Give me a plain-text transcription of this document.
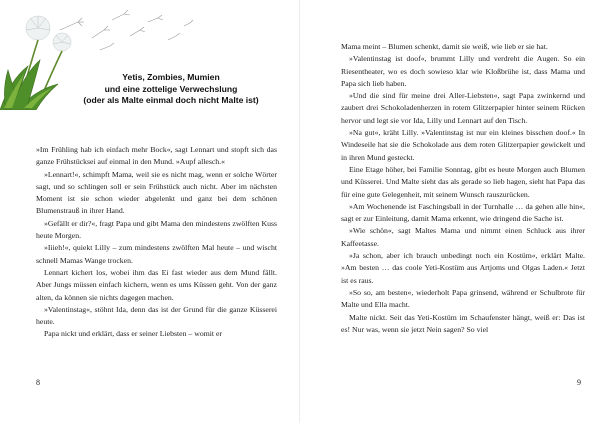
Yetis, Zombies, Mumien
und eine zottelige Verwechslung
(oder als Malte einmal doch nicht Malte ist)

»Im Frühling hab ich einfach mehr Bock«, sagt Lennart und stopft sich das ganze Frühstücksei auf einmal in den Mund. »Aupf allesch.«

»Lennart!«, schimpft Mama, weil sie es nicht mag, wenn er solche Wörter sagt, und so schlingen soll er sein Frühstück auch nicht. Aber im nächsten Moment ist sie schon wieder abgelenkt und ganz bei dem schönen Blumenstrauß in ihrer Hand.

»Gefällt er dir?«, fragt Papa und gibt Mama den mindestens zwölften Kuss heute Morgen.

»Iiieh!«, quiekt Lilly – zum mindestens zwölften Mal heute – und wischt schnell Mamas Wange trocken.

Lennart kichert los, wobei ihm das Ei fast wieder aus dem Mund fällt. Aber Jungs müssen einfach kichern, wenn es ums Küssen geht. Von der ganz alten, da können sie nichts dagegen machen.

»Valentinstag«, stöhnt Ida, denn das ist der Grund für die ganze Küsserei heute.

Papa nickt und erklärt, dass er seiner Liebsten – womit er

8

Mama meint – Blumen schenkt, damit sie weiß, wie lieb er sie hat.

»Valentinstag ist doof«, brummt Lilly und verdreht die Augen. So ein Riesentheater, wo es doch sowieso klar wie Kloßbrühe ist, dass Mama und Papa sich lieb haben.

»Und die sind für meine drei Aller-Liebsten«, sagt Papa zwinkernd und zaubert drei Schokoladenherzen in rotem Glitzerpapier hinter seinem Rücken hervor und legt sie vor Ida, Lilly und Lennart auf den Tisch.

»Na gut«, kräht Lilly. »Valentinstag ist nur ein kleines bisschen doof.« In Windeseile hat sie die Schokolade aus dem roten Glitzerpapier gewickelt und in ihren Mund gesteckt.

Eine Etage höher, bei Familie Sonntag, gibt es heute Morgen auch Blumen und Küsserei. Und Malte sieht das als gerade so lieb hagen, sieht hat Papa das für eine gute Gelegenheit, mit seinem Wunsch rauszurücken.

»Am Wochenende ist Faschingsball in der Turnhalle … da gehen alle hin«, sagt er zur Einleitung, damit Mama erkennt, wie dringend die Sache ist.

»Wie schön«, sagt Maltes Mama und nimmt einen Schluck aus ihrer Kaffeetasse.

»Ja schon, aber ich brauch unbedingt noch ein Kostüm«, erklärt Malte. »Am besten … das coole Yeti-Kostüm aus Artjoms und Olgas Laden.« Jetzt ist es raus.

»So so, am besten«, wiederholt Papa grinsend, während er Schulbrote für Malte und Ella macht.

Malte nickt. Seit das Yeti-Kostüm im Schaufenster hängt, weiß er: Das ist es! Nur was, wenn sie jetzt Nein sagen? So viel

9
